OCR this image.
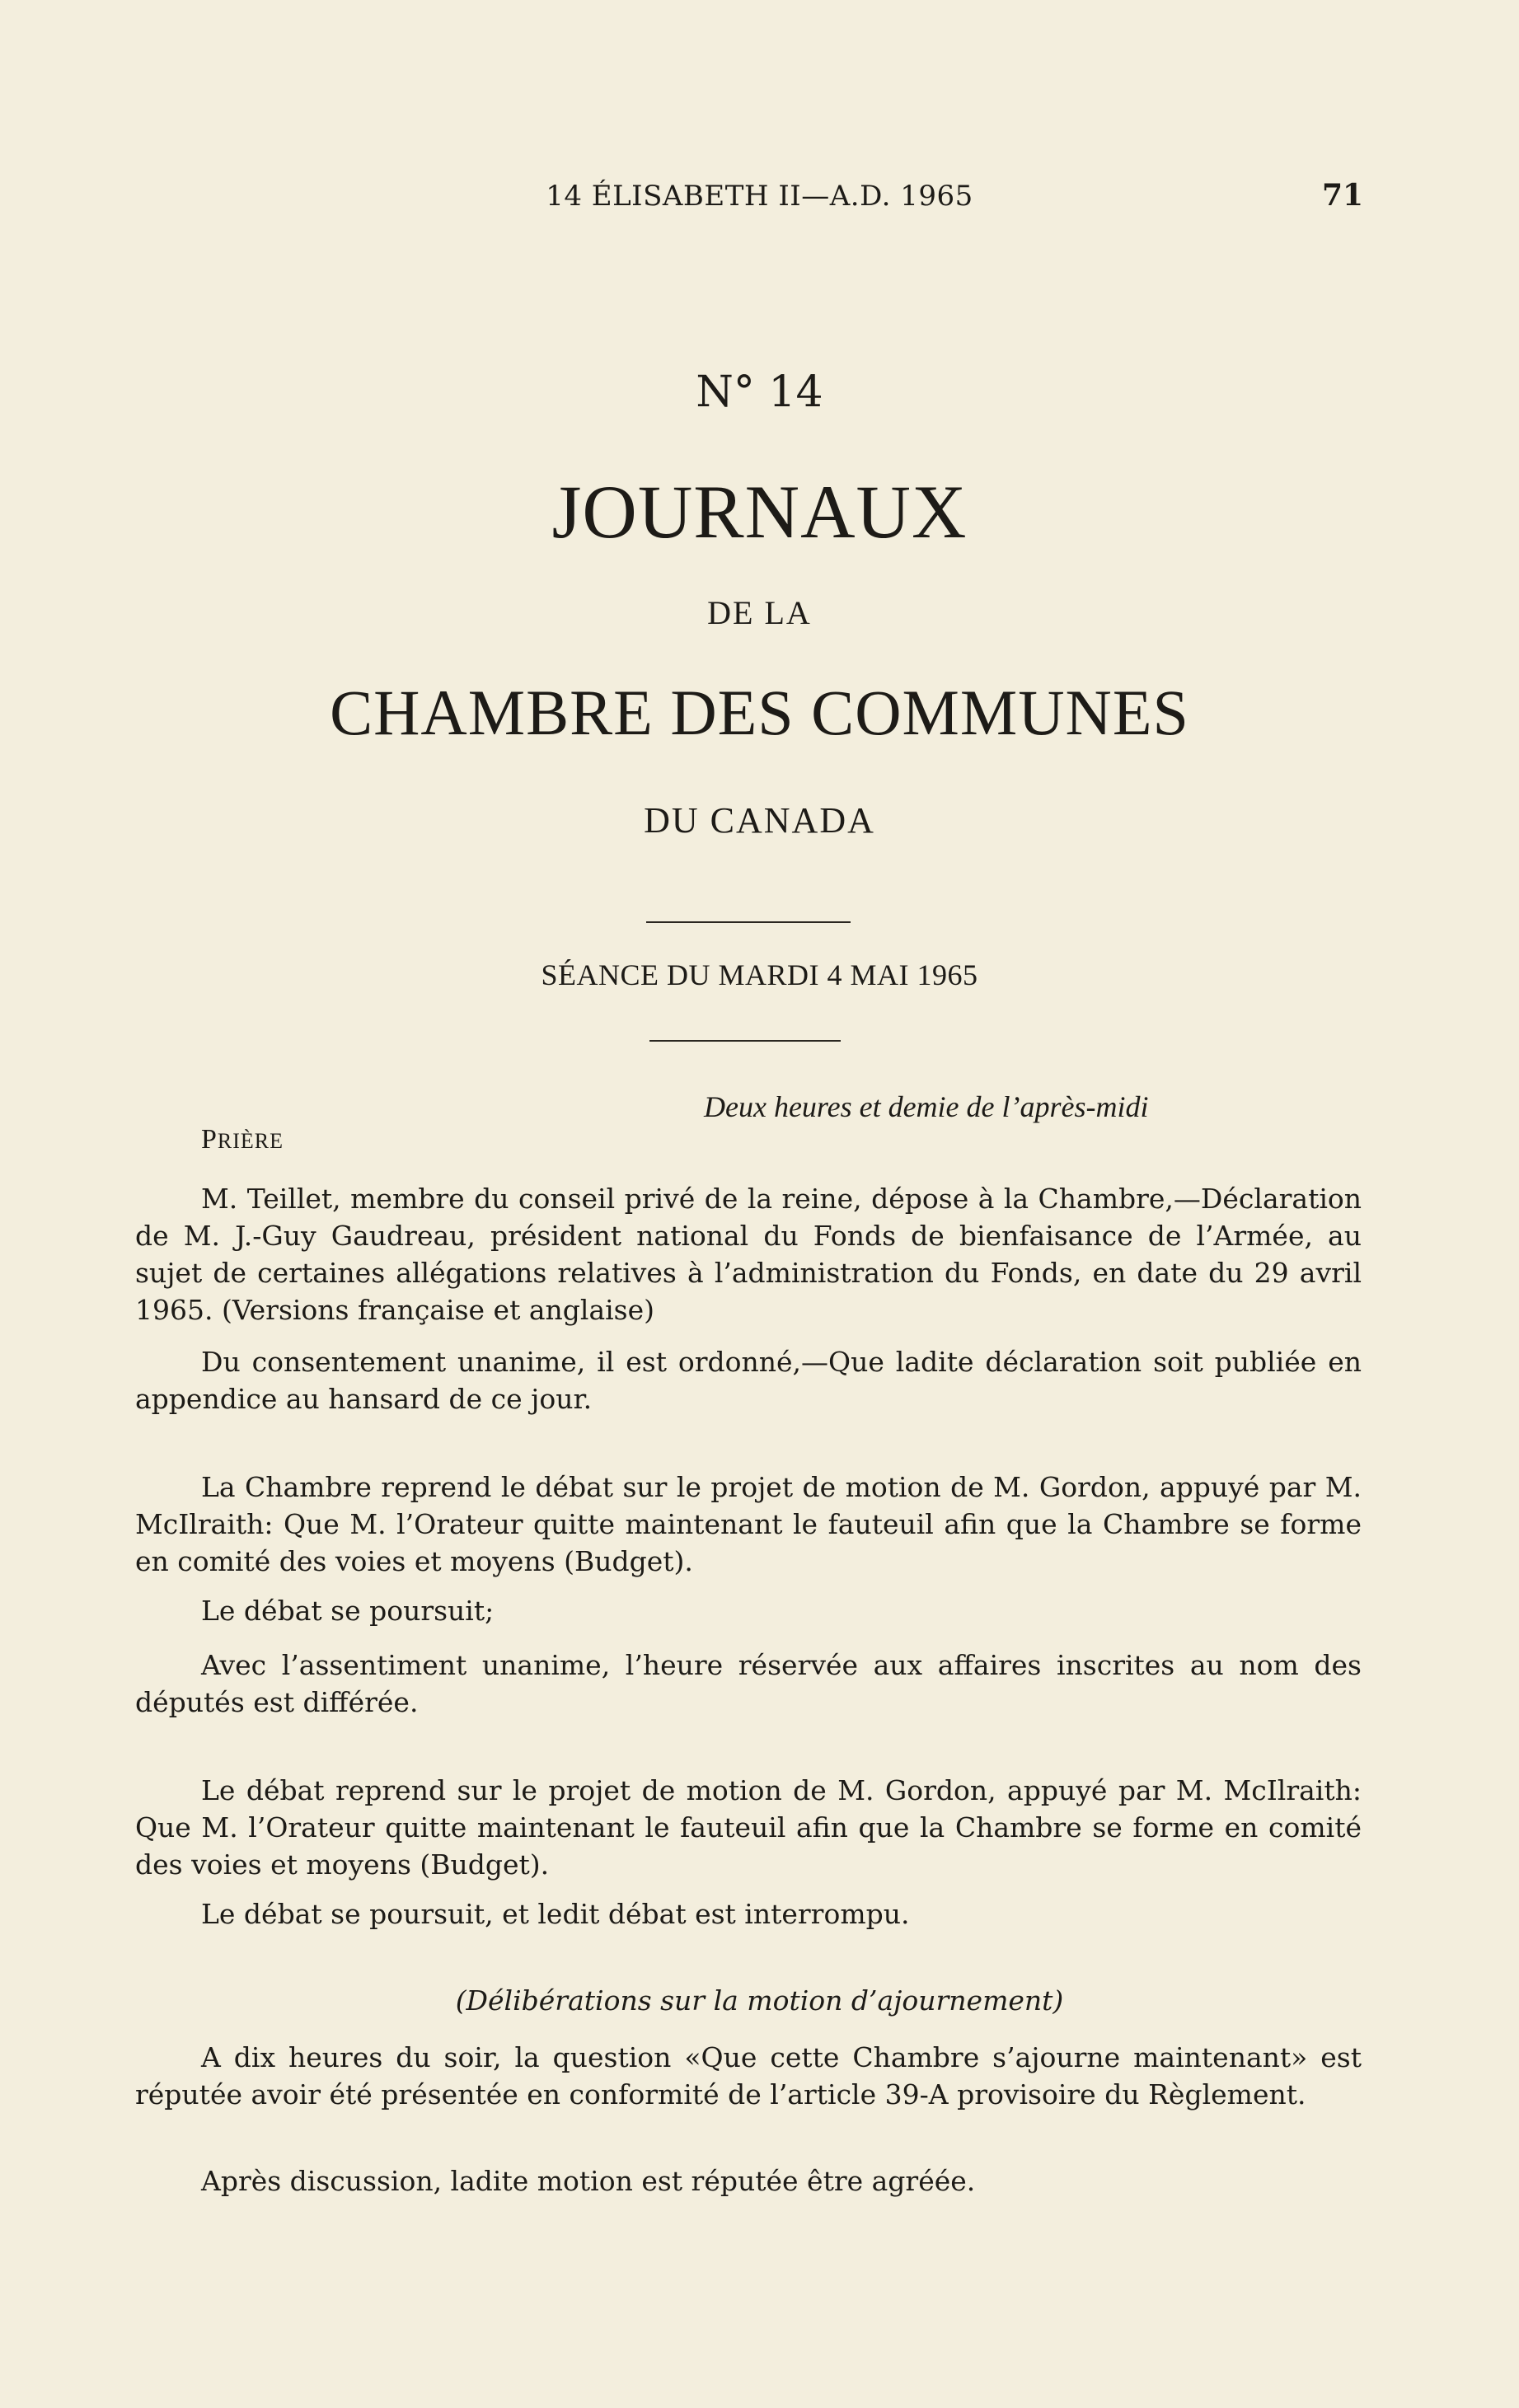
14 ÉLISABETH II—A.D. 1965	71

N° 14

JOURNAUX

DE LA

CHAMBRE DES COMMUNES

DU CANADA

SÉANCE DU MARDI 4 MAI 1965

Deux heures et demie de l’après-midi

PRIÈRE

M. Teillet, membre du conseil privé de la reine, dépose à la Chambre,—Déclaration de M. J.-Guy Gaudreau, président national du Fonds de bienfaisance de l’Armée, au sujet de certaines allégations relatives à l’administration du Fonds, en date du 29 avril 1965. (Versions française et anglaise)

Du consentement unanime, il est ordonné,—Que ladite déclaration soit publiée en appendice au hansard de ce jour.

La Chambre reprend le débat sur le projet de motion de M. Gordon, appuyé par M. McIlraith: Que M. l’Orateur quitte maintenant le fauteuil afin que la Chambre se forme en comité des voies et moyens (Budget).

Le débat se poursuit;

Avec l’assentiment unanime, l’heure réservée aux affaires inscrites au nom des députés est différée.

Le débat reprend sur le projet de motion de M. Gordon, appuyé par M. McIlraith: Que M. l’Orateur quitte maintenant le fauteuil afin que la Chambre se forme en comité des voies et moyens (Budget).

Le débat se poursuit, et ledit débat est interrompu.

(Délibérations sur la motion d’ajournement)

A dix heures du soir, la question «Que cette Chambre s’ajourne maintenant» est réputée avoir été présentée en conformité de l’article 39-A provisoire du Règlement.

Après discussion, ladite motion est réputée être agréée.
